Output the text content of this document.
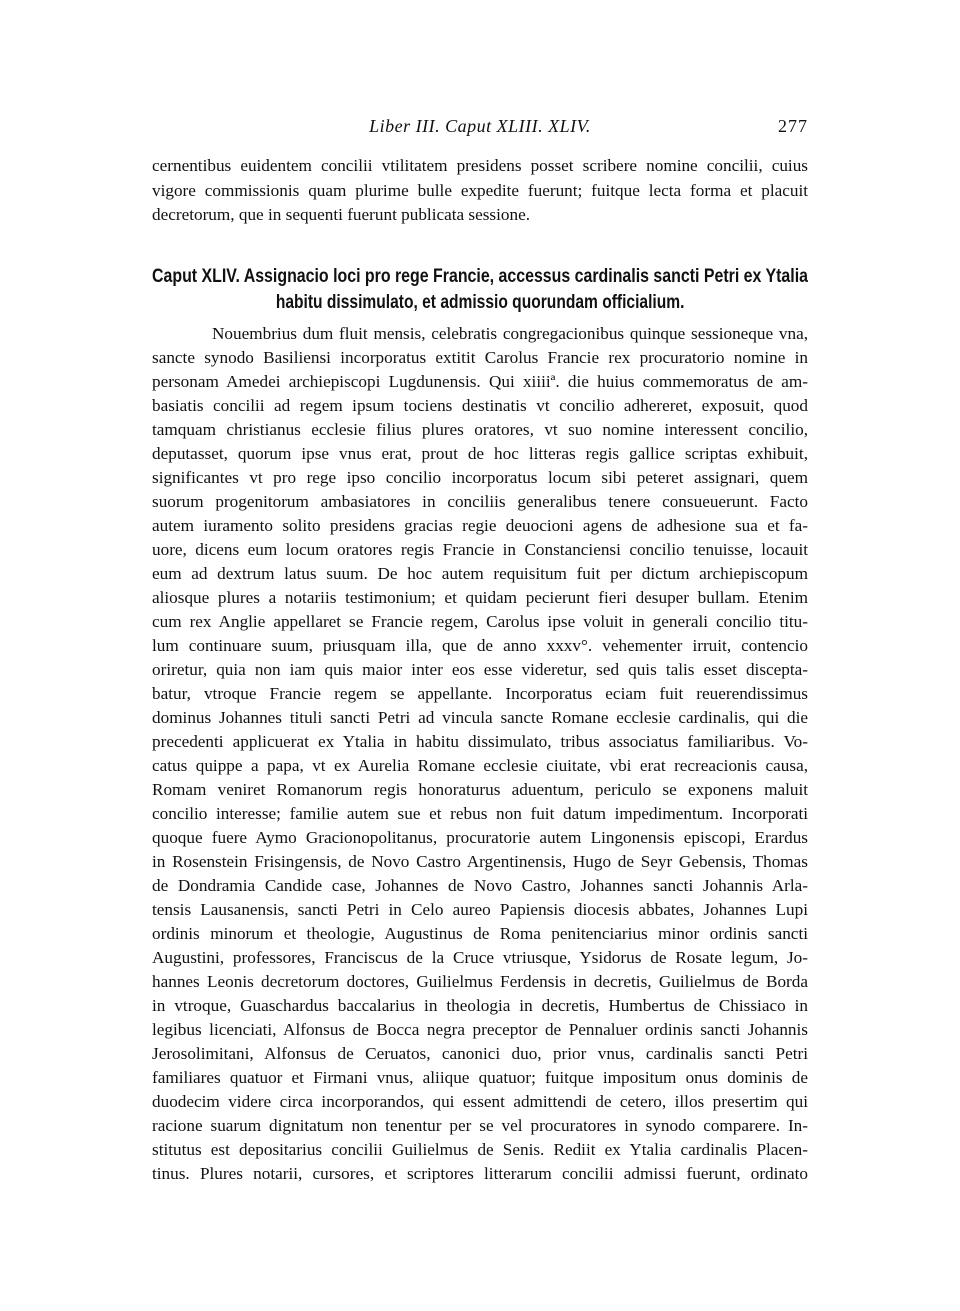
Liber III. Caput XLIII. XLIV.	277
cernentibus euidentem concilii vtilitatem presidens posset scribere nomine concilii, cuius
vigore commissionis quam plurime bulle expedite fuerunt; fuitque lecta forma et placuit
decretorum, que in sequenti fuerunt publicata sessione.
Caput XLIV. Assignacio loci pro rege Francie, accessus cardinalis sancti Petri ex Ytalia
habitu dissimulato, et admissio quorundam officialium.
Nouembrius dum fluit mensis, celebratis congregacionibus quinque sessioneque vna,
sancte synodo Basiliensi incorporatus extitit Carolus Francie rex procuratorio nomine in
personam Amedei archiepiscopi Lugdunensis. Qui xiiiiª. die huius commemoratus de am-
basiatis concilii ad regem ipsum tociens destinatis vt concilio adhereret, exposuit, quod
tamquam christianus ecclesie filius plures oratores, vt suo nomine interessent concilio,
deputasset, quorum ipse vnus erat, prout de hoc litteras regis gallice scriptas exhibuit,
significantes vt pro rege ipso concilio incorporatus locum sibi peteret assignari, quem
suorum progenitorum ambasiatores in conciliis generalibus tenere consueuerunt. Facto
autem iuramento solito presidens gracias regie deuocioni agens de adhesione sua et fa-
uore, dicens eum locum oratores regis Francie in Constanciensi concilio tenuisse, locauit
eum ad dextrum latus suum. De hoc autem requisitum fuit per dictum archiepiscopum
aliosque plures a notariis testimonium; et quidam pecierunt fieri desuper bullam. Etenim
cum rex Anglie appellaret se Francie regem, Carolus ipse voluit in generali concilio titu-
lum continuare suum, priusquam illa, que de anno xxxv°. vehementer irruit, contencio
oriretur, quia non iam quis maior inter eos esse videretur, sed quis talis esset discepta-
batur, vtroque Francie regem se appellante. Incorporatus eciam fuit reuerendissimus
dominus Johannes tituli sancti Petri ad vincula sancte Romane ecclesie cardinalis, qui die
precedenti applicuerat ex Ytalia in habitu dissimulato, tribus associatus familiaribus. Vo-
catus quippe a papa, vt ex Aurelia Romane ecclesie ciuitate, vbi erat recreacionis causa,
Romam veniret Romanorum regis honoraturus aduentum, periculo se exponens maluit
concilio interesse; familie autem sue et rebus non fuit datum impedimentum. Incorporati
quoque fuere Aymo Gracionopolitanus, procuratorie autem Lingonensis episcopi, Erardus
in Rosenstein Frisingensis, de Novo Castro Argentinensis, Hugo de Seyr Gebensis, Thomas
de Dondramia Candide case, Johannes de Novo Castro, Johannes sancti Johannis Arla-
tensis Lausanensis, sancti Petri in Celo aureo Papiensis diocesis abbates, Johannes Lupi
ordinis minorum et theologie, Augustinus de Roma penitenciarius minor ordinis sancti
Augustini, professores, Franciscus de la Cruce vtriusque, Ysidorus de Rosate legum, Jo-
hannes Leonis decretorum doctores, Guilielmus Ferdensis in decretis, Guilielmus de Borda
in vtroque, Guaschardus baccalarius in theologia in decretis, Humbertus de Chissiaco in
legibus licenciati, Alfonsus de Bocca negra preceptor de Pennaluer ordinis sancti Johannis
Jerosolimitani, Alfonsus de Ceruatos, canonici duo, prior vnus, cardinalis sancti Petri
familiares quatuor et Firmani vnus, aliique quatuor; fuitque impositum onus dominis de
duodecim videre circa incorporandos, qui essent admittendi de cetero, illos presertim qui
racione suarum dignitatum non tenentur per se vel procuratores in synodo comparere. In-
stitutus est depositarius concilii Guilielmus de Senis. Rediit ex Ytalia cardinalis Placen-
tinus. Plures notarii, cursores, et scriptores litterarum concilii admissi fuerunt, ordinato
